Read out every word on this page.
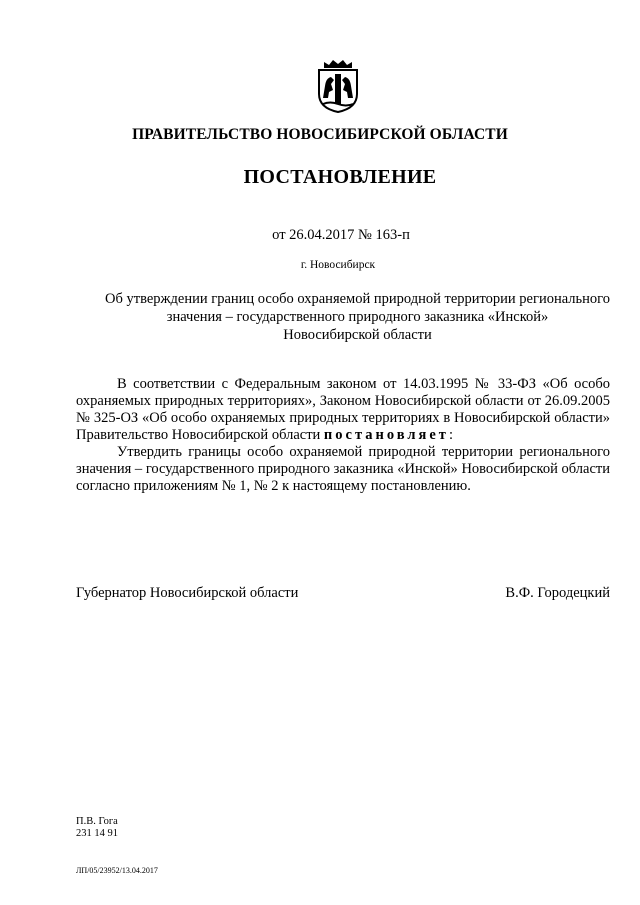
ПРАВИТЕЛЬСТВО НОВОСИБИРСКОЙ ОБЛАСТИ
ПОСТАНОВЛЕНИЕ
от 26.04.2017 № 163-п
г. Новосибирск
Об утверждении границ особо охраняемой природной территории регионального
значения – государственного природного заказника «Инской»
Новосибирской области

В соответствии с Федеральным законом от 14.03.1995 № 33-ФЗ «Об особо охраняемых природных территориях», Законом Новосибирской области от 26.09.2005 № 325-ОЗ «Об особо охраняемых природных территориях в Новосибирской области» Правительство Новосибирской области постановляет:

Утвердить границы особо охраняемой природной территории регионального значения – государственного природного заказника «Инской» Новосибирской области согласно приложениям № 1, № 2 к настоящему постановлению.

Губернатор Новосибирской области	В.Ф. Городецкий
П.В. Гога
231 14 91
ЛП/05/23952/13.04.2017
